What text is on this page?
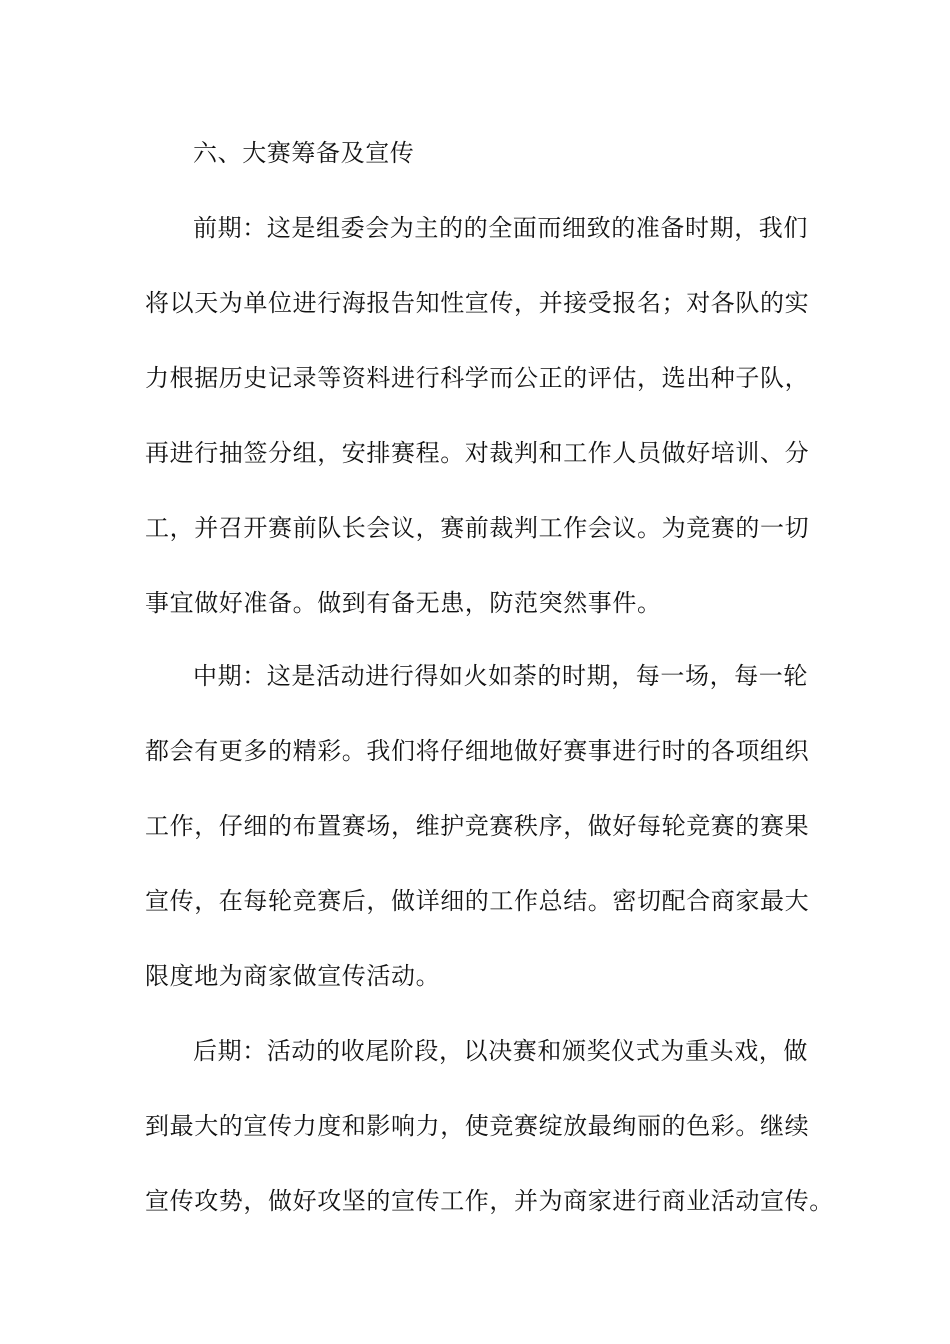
六、大赛筹备及宣传
前期：这是组委会为主的的全面而细致的准备时期，我们
将以天为单位进行海报告知性宣传，并接受报名；对各队的实
力根据历史记录等资料进行科学而公正的评估，选出种子队，
再进行抽签分组，安排赛程。对裁判和工作人员做好培训、分
工，并召开赛前队长会议，赛前裁判工作会议。为竞赛的一切
事宜做好准备。做到有备无患，防范突然事件。
中期：这是活动进行得如火如荼的时期，每一场，每一轮
都会有更多的精彩。我们将仔细地做好赛事进行时的各项组织
工作，仔细的布置赛场，维护竞赛秩序，做好每轮竞赛的赛果
宣传，在每轮竞赛后，做详细的工作总结。密切配合商家最大
限度地为商家做宣传活动。
后期：活动的收尾阶段，以决赛和颁奖仪式为重头戏，做
到最大的宣传力度和影响力，使竞赛绽放最绚丽的色彩。继续
宣传攻势，做好攻坚的宣传工作，并为商家进行商业活动宣传。
